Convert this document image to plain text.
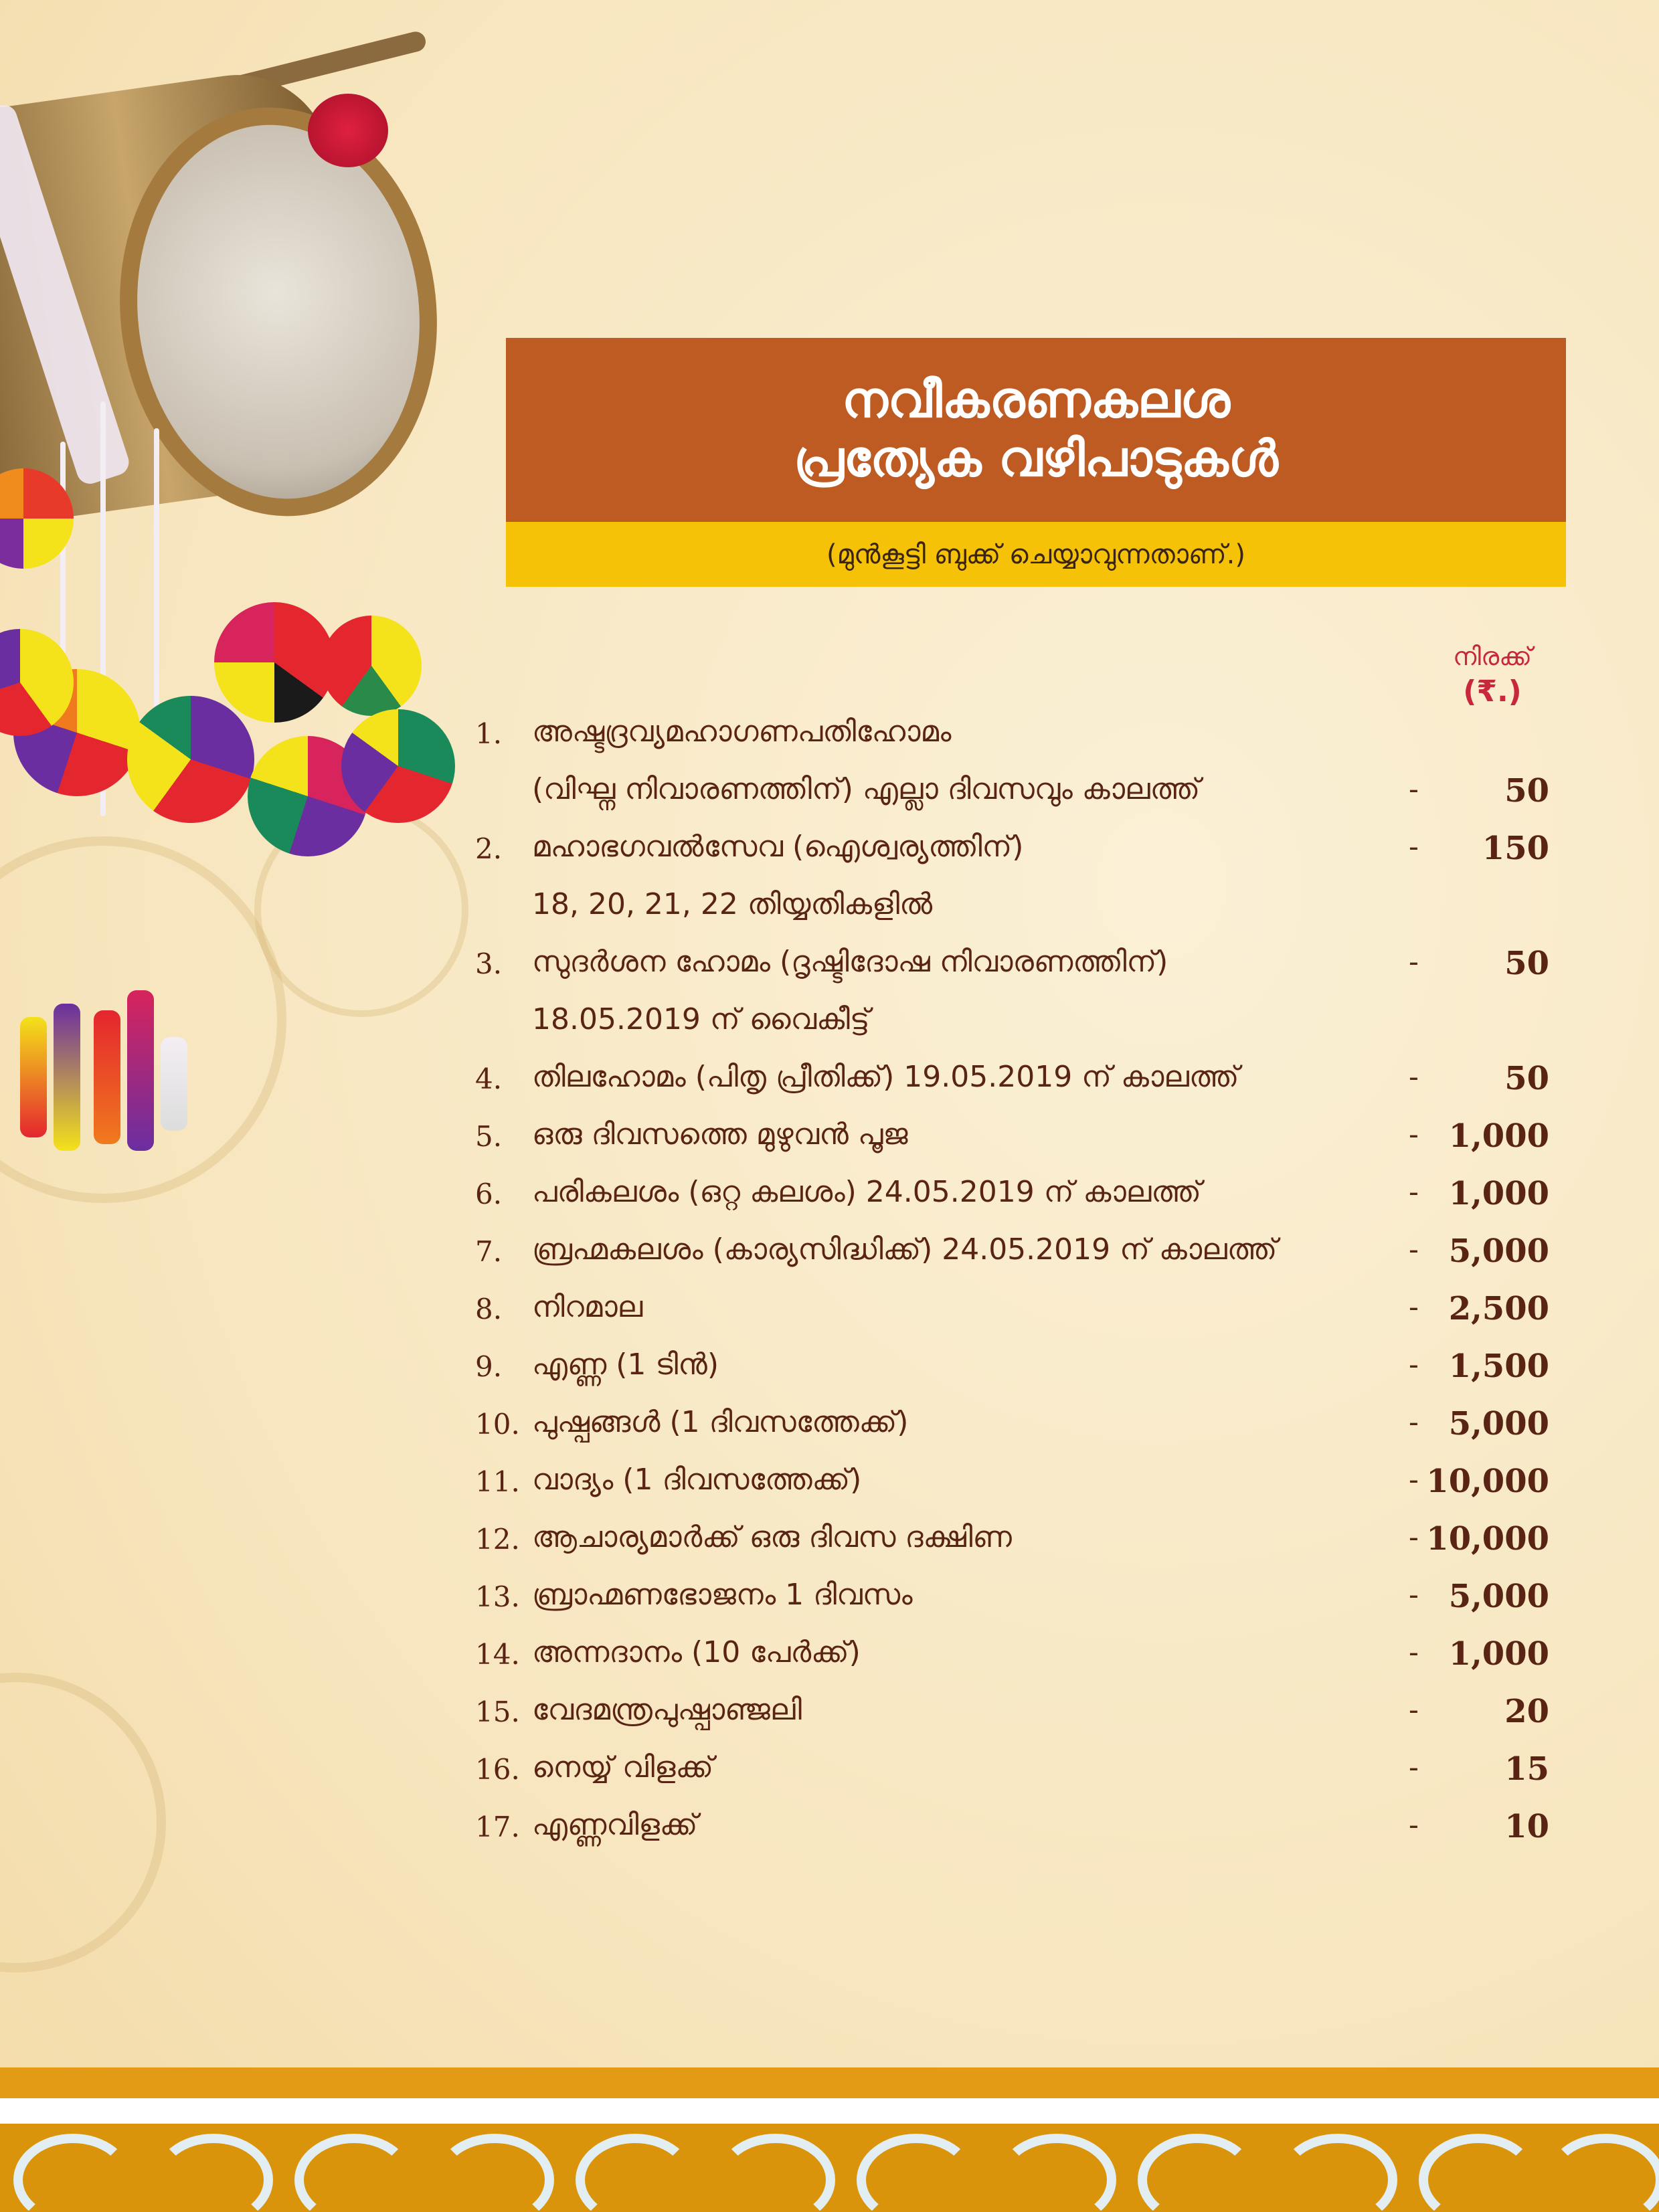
നവീകരണകലശ
പ്രത്യേക വഴിപാടുകൾ
(മുൻകൂട്ടി ബുക്ക് ചെയ്യാവുന്നതാണ്.)
നിരക്ക്
(₹.)
1.	അഷ്ടദ്രവ്യമഹാഗണപതിഹോമം
(വിഘ്ന നിവാരണത്തിന്) എല്ലാ ദിവസവും കാലത്ത്	-	50
2.	മഹാഭഗവൽസേവ (ഐശ്വര്യത്തിന്)	-	150
18, 20, 21, 22 തിയ്യതികളിൽ
3.	സുദർശന ഹോമം (ദൃഷ്ടിദോഷ നിവാരണത്തിന്)	-	50
18.05.2019 ന് വൈകീട്ട്
4.	തിലഹോമം (പിതൃ പ്രീതിക്ക്) 19.05.2019 ന് കാലത്ത്	-	50
5.	ഒരു ദിവസത്തെ മുഴുവൻ പൂജ	- 1,000
6.	പരികലശം (ഒറ്റ കലശം) 24.05.2019 ന് കാലത്ത്	- 1,000
7.	ബ്രഹ്മകലശം (കാര്യസിദ്ധിക്ക്) 24.05.2019 ന് കാലത്ത്	- 5,000
8.	നിറമാല	- 2,500
9.	എണ്ണ (1 ടിൻ)	- 1,500
10. പുഷ്പങ്ങൾ (1 ദിവസത്തേക്ക്)	- 5,000
11. വാദ്യം (1 ദിവസത്തേക്ക്)	- 10,000
12. ആചാര്യമാർക്ക് ഒരു ദിവസ ദക്ഷിണ	- 10,000
13. ബ്രാഹ്മണഭോജനം 1 ദിവസം	- 5,000
14. അന്നദാനം (10 പേർക്ക്)	- 1,000
15. വേദമന്ത്രപുഷ്പാഞ്ജലി	-	20
16. നെയ്യ് വിളക്ക്	-	15
17. എണ്ണവിളക്ക്	-	10
